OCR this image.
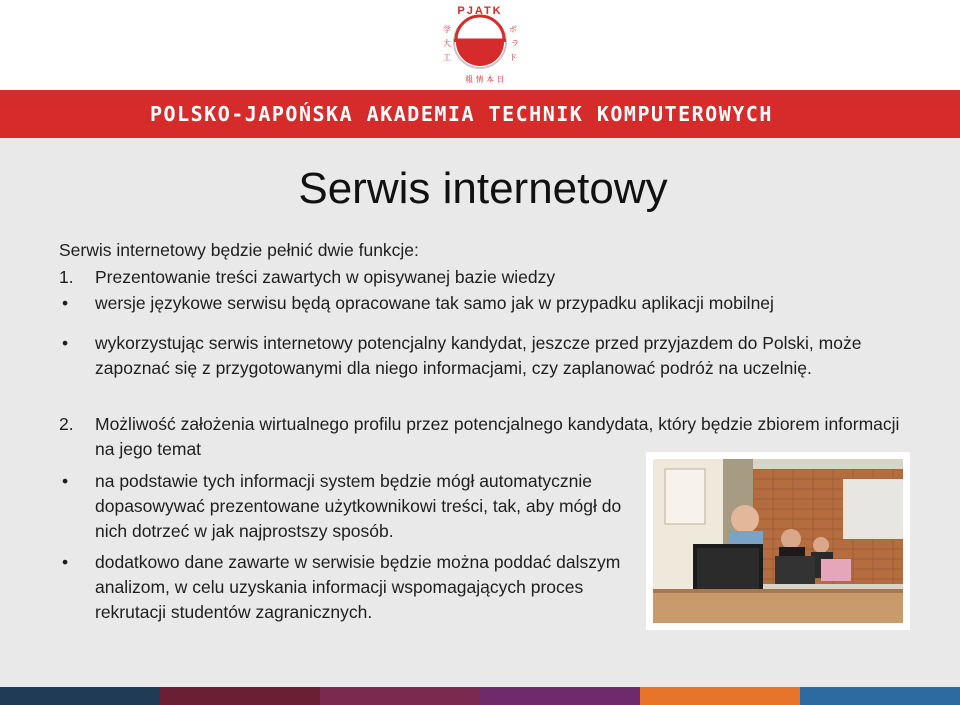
PJATK
学
大
工
ポ
ラ
ド
報 情 本 日
POLSKO-JAPOŃSKA AKADEMIA TECHNIK KOMPUTEROWYCH
Serwis internetowy

Serwis internetowy będzie pełnić dwie funkcje:

1. Prezentowanie treści zawartych w opisywanej bazie wiedzy

• wersje językowe serwisu będą opracowane tak samo jak w przypadku aplikacji mobilnej

• wykorzystując serwis internetowy potencjalny kandydat, jeszcze przed przyjazdem do Polski, może zapoznać się z przygotowanymi dla niego informacjami, czy zaplanować podróż na uczelnię.

2. Możliwość założenia wirtualnego profilu przez potencjalnego kandydata, który będzie zbiorem informacji na jego temat

• na podstawie tych informacji system będzie mógł automatycznie dopasowywać prezentowane użytkownikowi treści, tak, aby mógł do nich dotrzeć w jak najprostszy sposób.

• dodatkowo dane zawarte w serwisie będzie można poddać dalszym analizom, w celu uzyskania informacji wspomagających proces rekrutacji studentów zagranicznych.
